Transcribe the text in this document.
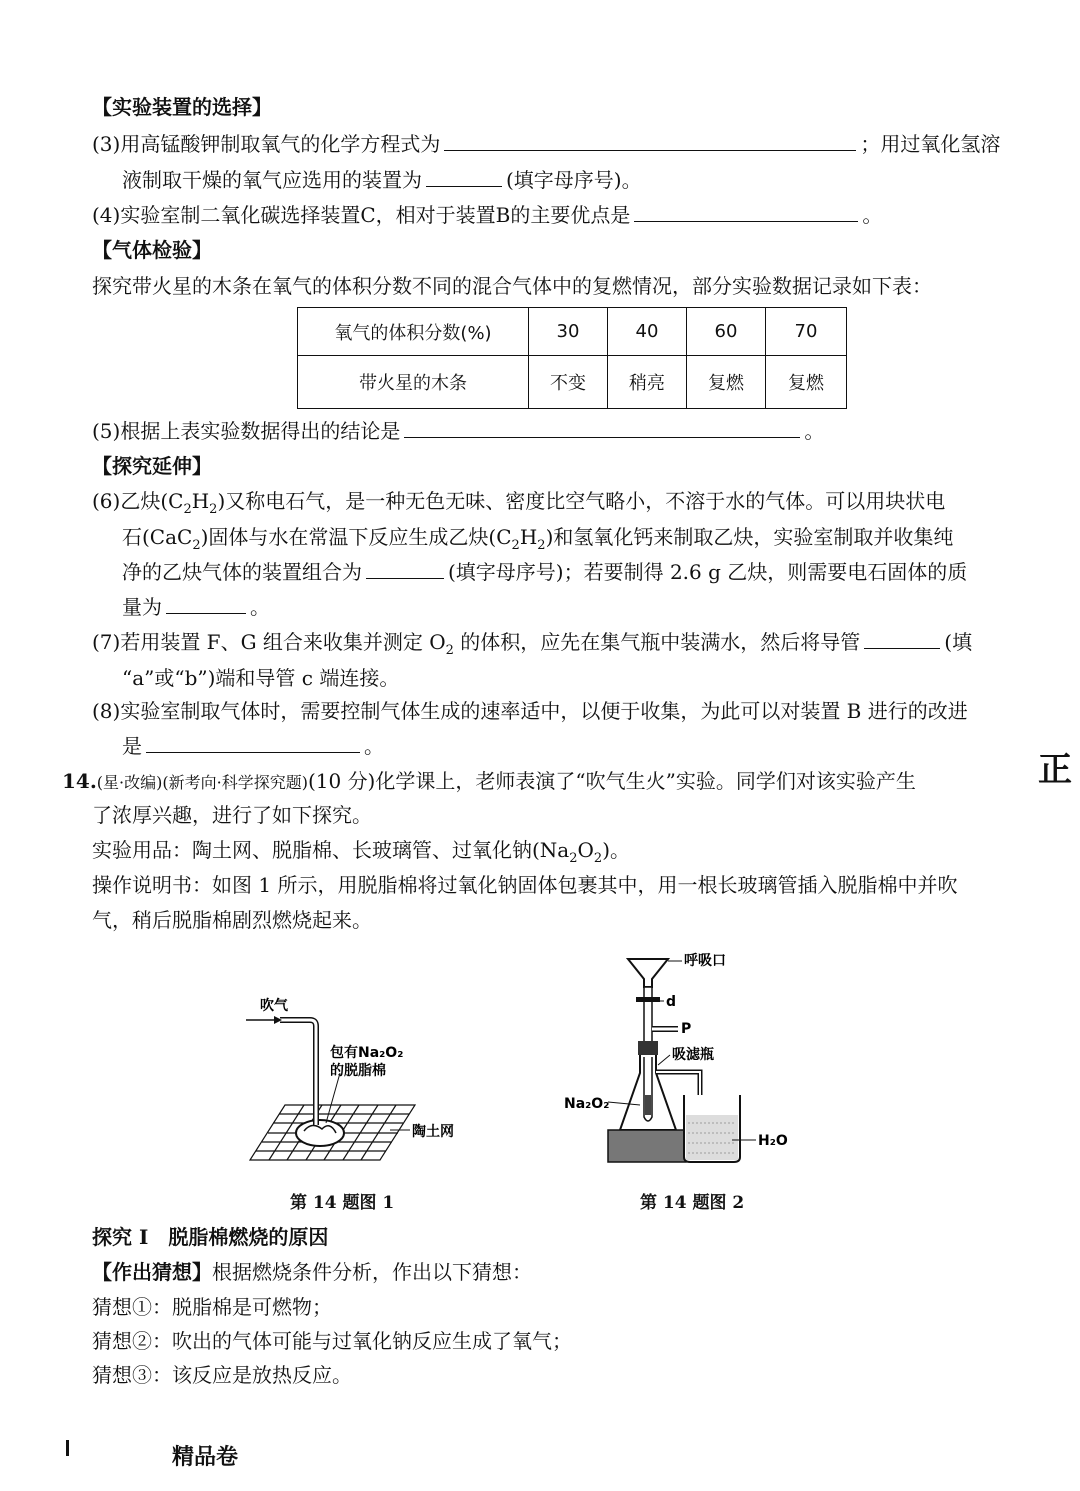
【实验装置的选择】
(3)用高锰酸钾制取氧气的化学方程式为	；用过氧化氢溶
液制取干燥的氧气应选用的装置为	(填字母序号)。
(4)实验室制二氧化碳选择装置C，相对于装置B的主要优点是	。
【气体检验】
探究带火星的木条在氧气的体积分数不同的混合气体中的复燃情况，部分实验数据记录如下表：
氧气的体积分数(%)	30	40	60	70
带火星的木条	不变	稍亮	复燃	复燃
(5)根据上表实验数据得出的结论是	。
【探究延伸】
(6)乙炔$(C_2H_2)$又称电石气，是一种无色无味、密度比空气略小，不溶于水的气体。可以用块状电
石(CaC$_2$)固体与水在常温下反应生成乙炔$(C_2H_2)$和氢氧化钙来制取乙炔，实验室制取并收集纯
净的乙炔气体的装置组合为	(填字母序号)；若要制得 2.6 g 乙炔，则需要电石固体的质
量为	。
(7)若用装置 F、G 组合来收集并测定 $O_2$ 的体积，应先在集气瓶中装满水，然后将导管	(填
“a”或“b”)端和导管 c 端连接。
(8)实验室制取气体时，需要控制气体生成的速率适中，以便于收集，为此可以对装置 B 进行的改进
是	。
正
14.(星·改编)(新考向·科学探究题)(10 分)化学课上，老师表演了“吹气生火”实验。同学们对该实验产生
了浓厚兴趣，进行了如下探究。
实验用品：陶土网、脱脂棉、长玻璃管、过氧化钠$(Na_2O_2)$。
操作说明书：如图 1 所示，用脱脂棉将过氧化钠固体包裹其中，用一根长玻璃管插入脱脂棉中并吹
气，稍后脱脂棉剧烈燃烧起来。
吹气
包有Na₂O₂
的脱脂棉
陶土网
第 14 题图 1
呼吸口
d
P
吸滤瓶
Na₂O₂
H₂O
第 14 题图 2
探究 Ⅰ　脱脂棉燃烧的原因
【作出猜想】根据燃烧条件分析，作出以下猜想：
猜想①：脱脂棉是可燃物；
猜想②：吹出的气体可能与过氧化钠反应生成了氧气；
猜想③：该反应是放热反应。
精品卷
